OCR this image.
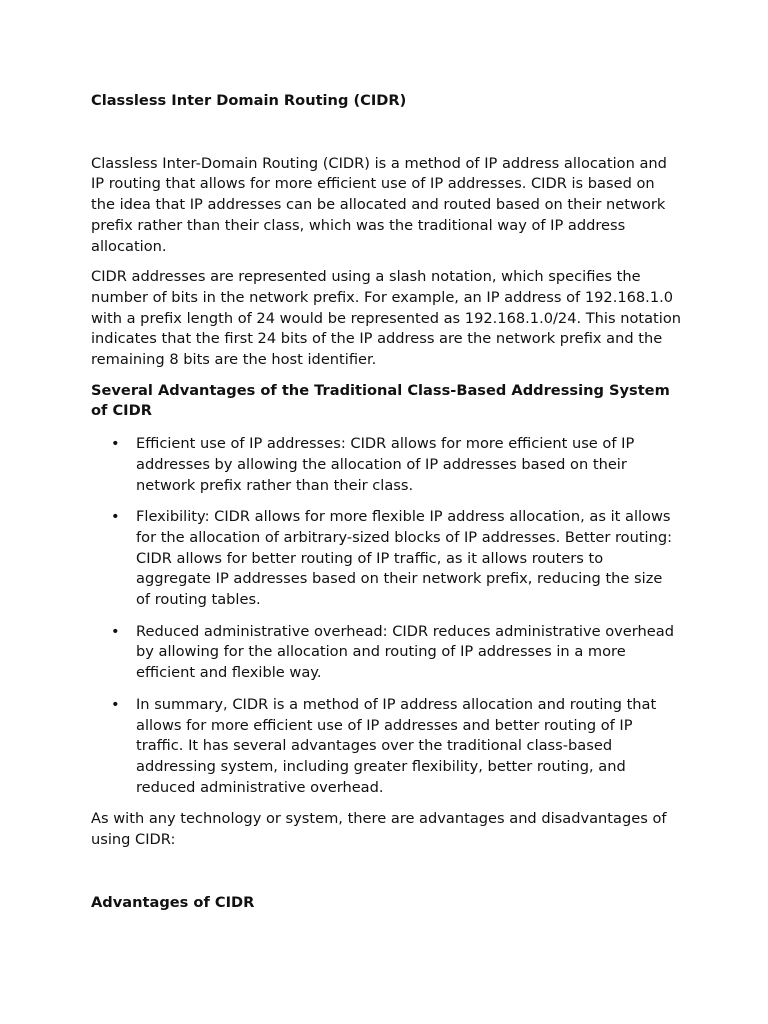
Classless Inter Domain Routing (CIDR)

Classless Inter-Domain Routing (CIDR) is a method of IP address allocation and IP routing that allows for more efficient use of IP addresses. CIDR is based on the idea that IP addresses can be allocated and routed based on their network prefix rather than their class, which was the traditional way of IP address allocation.

CIDR addresses are represented using a slash notation, which specifies the number of bits in the network prefix. For example, an IP address of 192.168.1.0 with a prefix length of 24 would be represented as 192.168.1.0/24. This notation indicates that the first 24 bits of the IP address are the network prefix and the remaining 8 bits are the host identifier.

Several Advantages of the Traditional Class-Based Addressing System of CIDR
• Efficient use of IP addresses: CIDR allows for more efficient use of IP addresses by allowing the allocation of IP addresses based on their network prefix rather than their class.
• Flexibility: CIDR allows for more flexible IP address allocation, as it allows for the allocation of arbitrary-sized blocks of IP addresses. Better routing: CIDR allows for better routing of IP traffic, as it allows routers to aggregate IP addresses based on their network prefix, reducing the size of routing tables.
• Reduced administrative overhead: CIDR reduces administrative overhead by allowing for the allocation and routing of IP addresses in a more efficient and flexible way.
• In summary, CIDR is a method of IP address allocation and routing that allows for more efficient use of IP addresses and better routing of IP traffic. It has several advantages over the traditional class-based addressing system, including greater flexibility, better routing, and reduced administrative overhead.

As with any technology or system, there are advantages and disadvantages of using CIDR:

Advantages of CIDR
